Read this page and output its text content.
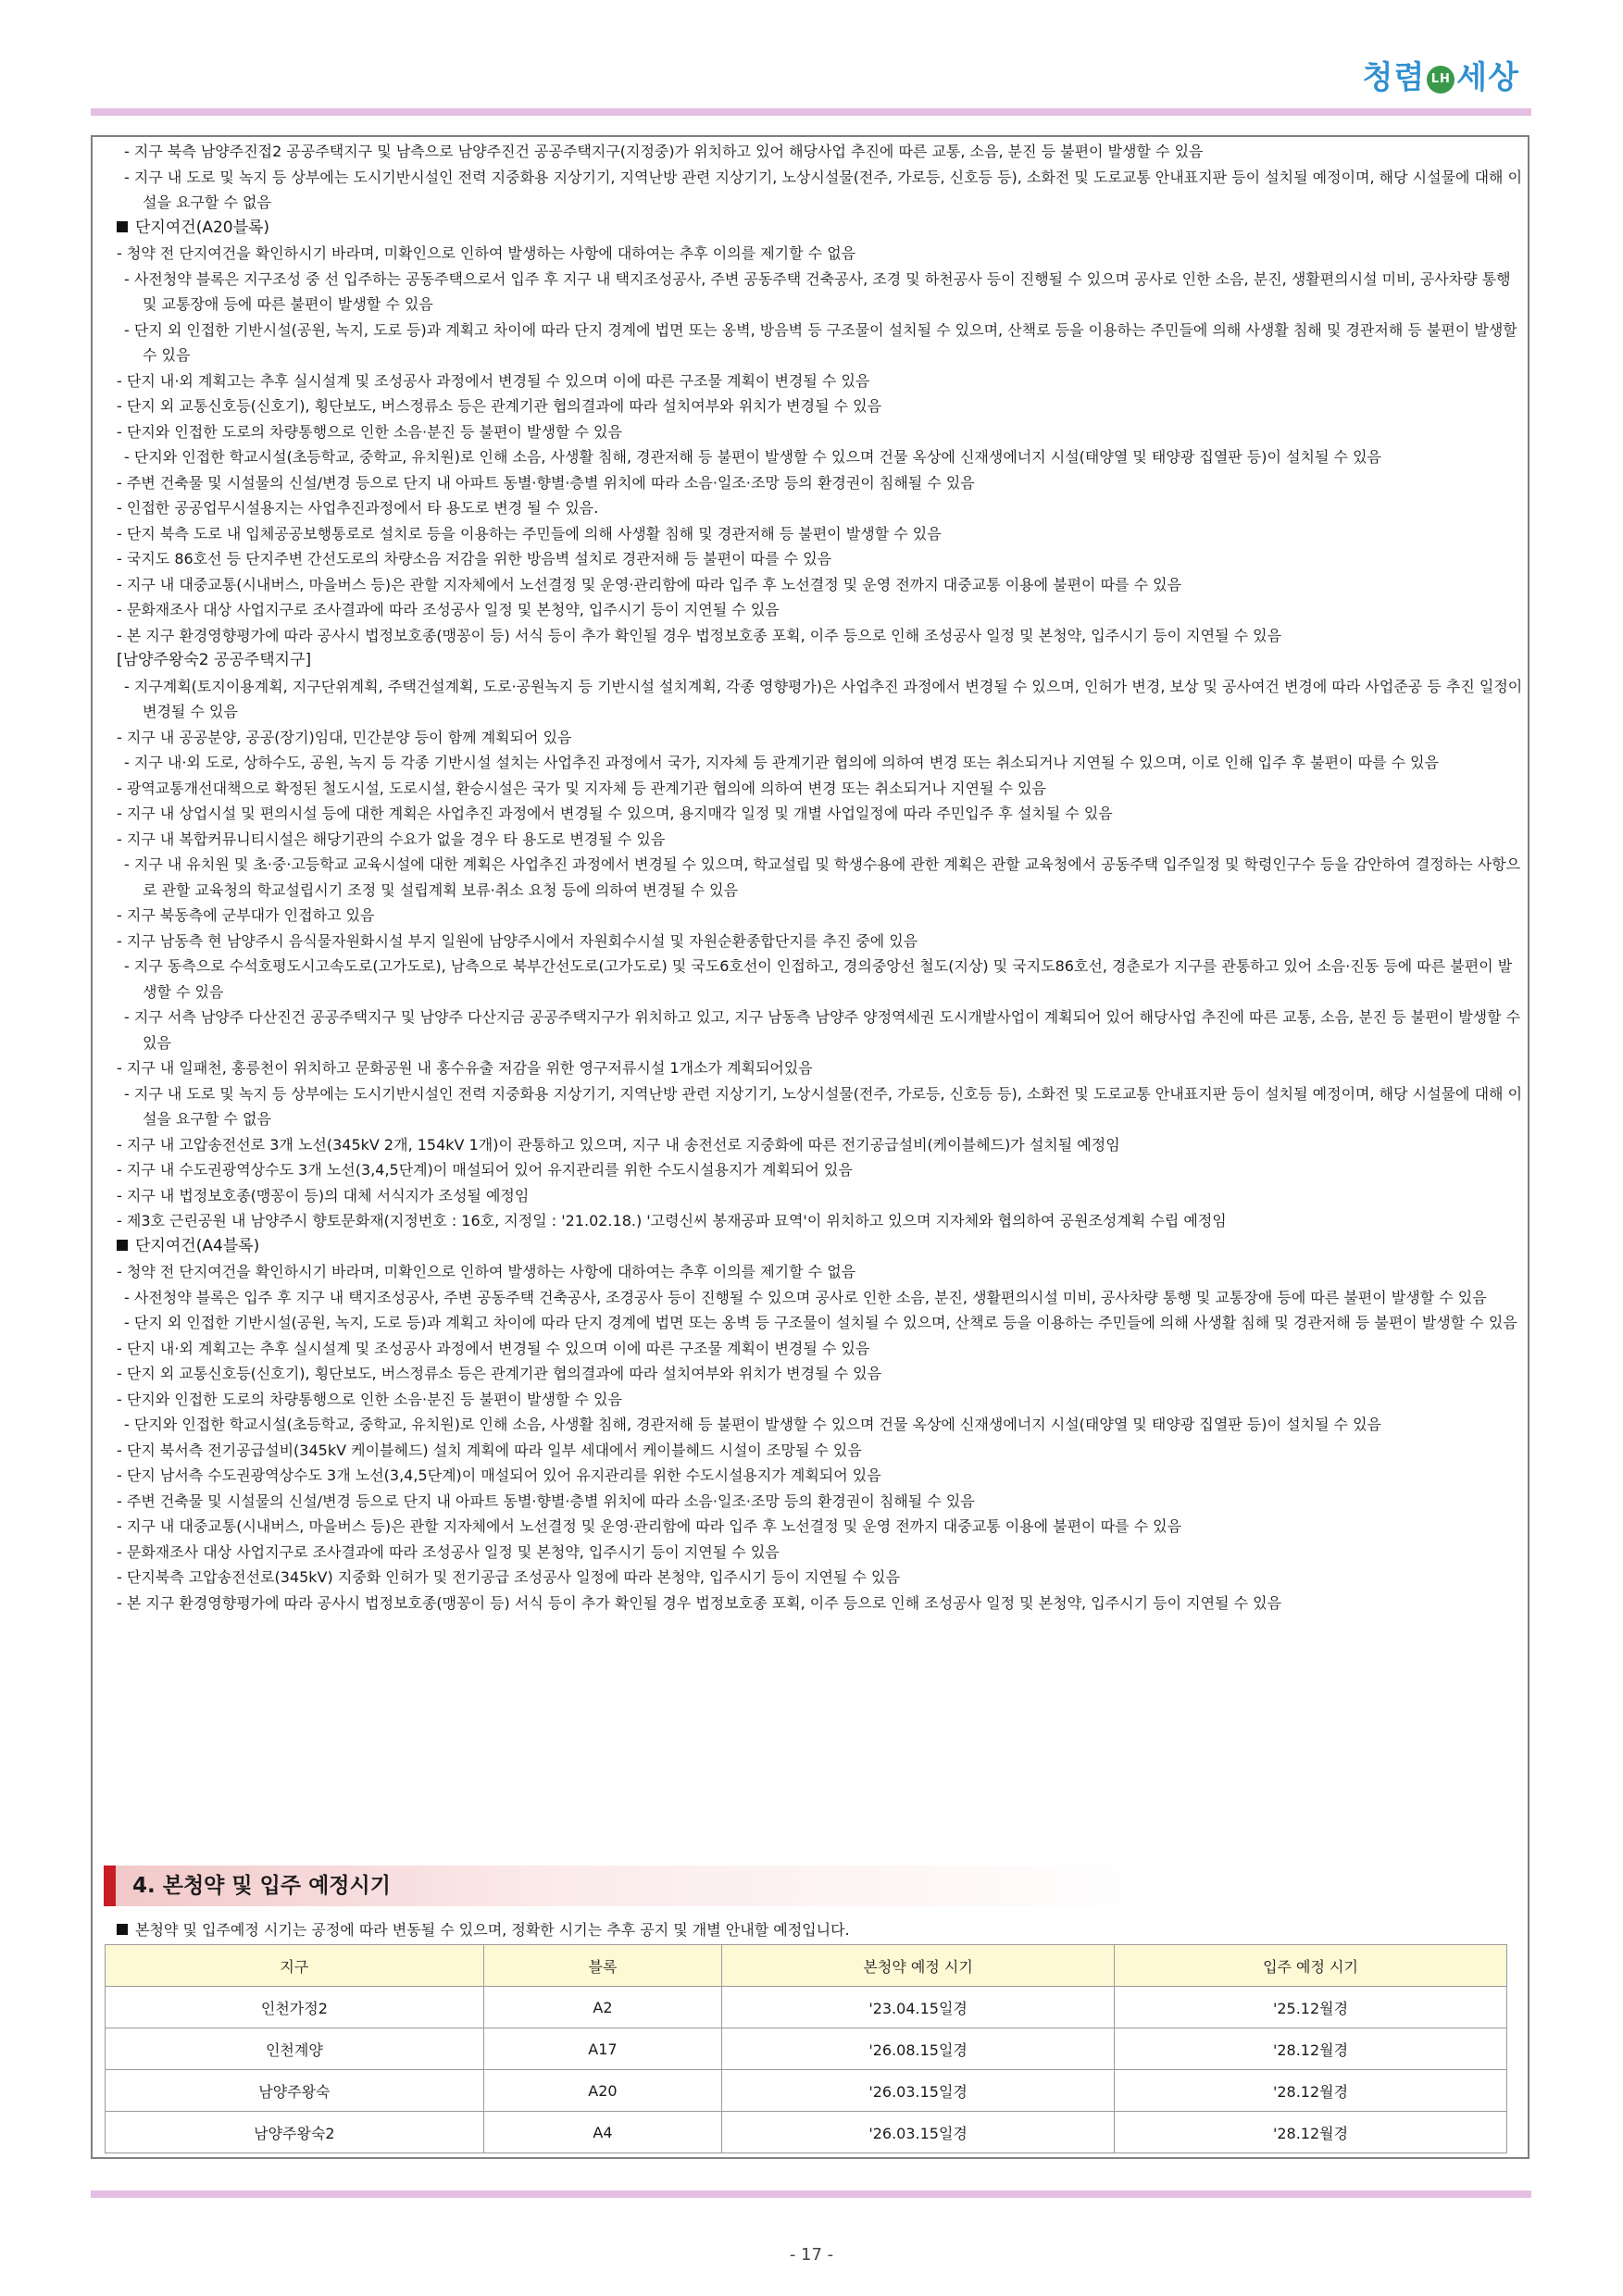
청렴 LH 세상

- 지구 북측 남양주진접2 공공주택지구 및 남측으로 남양주진건 공공주택지구(지정중)가 위치하고 있어 해당사업 추진에 따른 교통, 소음, 분진 등 불편이 발생할 수 있음

- 지구 내 도로 및 녹지 등 상부에는 도시기반시설인 전력 지중화용 지상기기, 지역난방 관련 지상기기, 노상시설물(전주, 가로등, 신호등 등), 소화전 및 도로교통 안내표지판 등이 설치될 예정이며, 해당 시설물에 대해 이설을 요구할 수 없음

단지여건(A20블록)

- 청약 전 단지여건을 확인하시기 바라며, 미확인으로 인하여 발생하는 사항에 대하여는 추후 이의를 제기할 수 없음

- 사전청약 블록은 지구조성 중 선 입주하는 공동주택으로서 입주 후 지구 내 택지조성공사, 주변 공동주택 건축공사, 조경 및 하천공사 등이 진행될 수 있으며 공사로 인한 소음, 분진, 생활편의시설 미비, 공사차량 통행 및 교통장애 등에 따른 불편이 발생할 수 있음

- 단지 외 인접한 기반시설(공원, 녹지, 도로 등)과 계획고 차이에 따라 단지 경계에 법면 또는 옹벽, 방음벽 등 구조물이 설치될 수 있으며, 산책로 등을 이용하는 주민들에 의해 사생활 침해 및 경관저해 등 불편이 발생할 수 있음

- 단지 내·외 계획고는 추후 실시설계 및 조성공사 과정에서 변경될 수 있으며 이에 따른 구조물 계획이 변경될 수 있음

- 단지 외 교통신호등(신호기), 횡단보도, 버스정류소 등은 관계기관 협의결과에 따라 설치여부와 위치가 변경될 수 있음

- 단지와 인접한 도로의 차량통행으로 인한 소음·분진 등 불편이 발생할 수 있음

- 단지와 인접한 학교시설(초등학교, 중학교, 유치원)로 인해 소음, 사생활 침해, 경관저해 등 불편이 발생할 수 있으며 건물 옥상에 신재생에너지 시설(태양열 및 태양광 집열판 등)이 설치될 수 있음

- 주변 건축물 및 시설물의 신설/변경 등으로 단지 내 아파트 동별·향별·층별 위치에 따라 소음·일조·조망 등의 환경권이 침해될 수 있음

- 인접한 공공업무시설용지는 사업추진과정에서 타 용도로 변경 될 수 있음.

- 단지 북측 도로 내 입체공공보행통로로 설치로 등을 이용하는 주민들에 의해 사생활 침해 및 경관저해 등 불편이 발생할 수 있음

- 국지도 86호선 등 단지주변 간선도로의 차량소음 저감을 위한 방음벽 설치로 경관저해 등 불편이 따를 수 있음

- 지구 내 대중교통(시내버스, 마을버스 등)은 관할 지자체에서 노선결정 및 운영·관리함에 따라 입주 후 노선결정 및 운영 전까지 대중교통 이용에 불편이 따를 수 있음

- 문화재조사 대상 사업지구로 조사결과에 따라 조성공사 일정 및 본청약, 입주시기 등이 지연될 수 있음

- 본 지구 환경영향평가에 따라 공사시 법정보호종(맹꽁이 등) 서식 등이 추가 확인될 경우 법정보호종 포획, 이주 등으로 인해 조성공사 일정 및 본청약, 입주시기 등이 지연될 수 있음

[남양주왕숙2 공공주택지구]

- 지구계획(토지이용계획, 지구단위계획, 주택건설계획, 도로·공원녹지 등 기반시설 설치계획, 각종 영향평가)은 사업추진 과정에서 변경될 수 있으며, 인허가 변경, 보상 및 공사여건 변경에 따라 사업준공 등 추진 일정이 변경될 수 있음

- 지구 내 공공분양, 공공(장기)임대, 민간분양 등이 함께 계획되어 있음

- 지구 내·외 도로, 상하수도, 공원, 녹지 등 각종 기반시설 설치는 사업추진 과정에서 국가, 지자체 등 관계기관 협의에 의하여 변경 또는 취소되거나 지연될 수 있으며, 이로 인해 입주 후 불편이 따를 수 있음

- 광역교통개선대책으로 확정된 철도시설, 도로시설, 환승시설은 국가 및 지자체 등 관계기관 협의에 의하여 변경 또는 취소되거나 지연될 수 있음

- 지구 내 상업시설 및 편의시설 등에 대한 계획은 사업추진 과정에서 변경될 수 있으며, 용지매각 일정 및 개별 사업일정에 따라 주민입주 후 설치될 수 있음

- 지구 내 복합커뮤니티시설은 해당기관의 수요가 없을 경우 타 용도로 변경될 수 있음

- 지구 내 유치원 및 초·중·고등학교 교육시설에 대한 계획은 사업추진 과정에서 변경될 수 있으며, 학교설립 및 학생수용에 관한 계획은 관할 교육청에서 공동주택 입주일정 및 학령인구수 등을 감안하여 결정하는 사항으로 관할 교육청의 학교설립시기 조정 및 설립계획 보류·취소 요청 등에 의하여 변경될 수 있음

- 지구 북동측에 군부대가 인접하고 있음

- 지구 남동측 현 남양주시 음식물자원화시설 부지 일원에 남양주시에서 자원회수시설 및 자원순환종합단지를 추진 중에 있음

- 지구 동측으로 수석호평도시고속도로(고가도로), 남측으로 북부간선도로(고가도로) 및 국도6호선이 인접하고, 경의중앙선 철도(지상) 및 국지도86호선, 경춘로가 지구를 관통하고 있어 소음·진동 등에 따른 불편이 발생할 수 있음

- 지구 서측 남양주 다산진건 공공주택지구 및 남양주 다산지금 공공주택지구가 위치하고 있고, 지구 남동측 남양주 양정역세권 도시개발사업이 계획되어 있어 해당사업 추진에 따른 교통, 소음, 분진 등 불편이 발생할 수 있음

- 지구 내 일패천, 홍릉천이 위치하고 문화공원 내 홍수유출 저감을 위한 영구저류시설 1개소가 계획되어있음

- 지구 내 도로 및 녹지 등 상부에는 도시기반시설인 전력 지중화용 지상기기, 지역난방 관련 지상기기, 노상시설물(전주, 가로등, 신호등 등), 소화전 및 도로교통 안내표지판 등이 설치될 예정이며, 해당 시설물에 대해 이설을 요구할 수 없음

- 지구 내 고압송전선로 3개 노선(345kV 2개, 154kV 1개)이 관통하고 있으며, 지구 내 송전선로 지중화에 따른 전기공급설비(케이블헤드)가 설치될 예정임

- 지구 내 수도권광역상수도 3개 노선(3,4,5단계)이 매설되어 있어 유지관리를 위한 수도시설용지가 계획되어 있음

- 지구 내 법정보호종(맹꽁이 등)의 대체 서식지가 조성될 예정임

- 제3호 근린공원 내 남양주시 향토문화재(지정번호 : 16호, 지정일 : '21.02.18.) '고령신씨 봉재공파 묘역'이 위치하고 있으며 지자체와 협의하여 공원조성계획 수립 예정임

단지여건(A4블록)

- 청약 전 단지여건을 확인하시기 바라며, 미확인으로 인하여 발생하는 사항에 대하여는 추후 이의를 제기할 수 없음

- 사전청약 블록은 입주 후 지구 내 택지조성공사, 주변 공동주택 건축공사, 조경공사 등이 진행될 수 있으며 공사로 인한 소음, 분진, 생활편의시설 미비, 공사차량 통행 및 교통장애 등에 따른 불편이 발생할 수 있음

- 단지 외 인접한 기반시설(공원, 녹지, 도로 등)과 계획고 차이에 따라 단지 경계에 법면 또는 옹벽 등 구조물이 설치될 수 있으며, 산책로 등을 이용하는 주민들에 의해 사생활 침해 및 경관저해 등 불편이 발생할 수 있음

- 단지 내·외 계획고는 추후 실시설계 및 조성공사 과정에서 변경될 수 있으며 이에 따른 구조물 계획이 변경될 수 있음

- 단지 외 교통신호등(신호기), 횡단보도, 버스정류소 등은 관계기관 협의결과에 따라 설치여부와 위치가 변경될 수 있음

- 단지와 인접한 도로의 차량통행으로 인한 소음·분진 등 불편이 발생할 수 있음

- 단지와 인접한 학교시설(초등학교, 중학교, 유치원)로 인해 소음, 사생활 침해, 경관저해 등 불편이 발생할 수 있으며 건물 옥상에 신재생에너지 시설(태양열 및 태양광 집열판 등)이 설치될 수 있음

- 단지 북서측 전기공급설비(345kV 케이블헤드) 설치 계획에 따라 일부 세대에서 케이블헤드 시설이 조망될 수 있음

- 단지 남서측 수도권광역상수도 3개 노선(3,4,5단계)이 매설되어 있어 유지관리를 위한 수도시설용지가 계획되어 있음

- 주변 건축물 및 시설물의 신설/변경 등으로 단지 내 아파트 동별·향별·층별 위치에 따라 소음·일조·조망 등의 환경권이 침해될 수 있음

- 지구 내 대중교통(시내버스, 마을버스 등)은 관할 지자체에서 노선결정 및 운영·관리함에 따라 입주 후 노선결정 및 운영 전까지 대중교통 이용에 불편이 따를 수 있음

- 문화재조사 대상 사업지구로 조사결과에 따라 조성공사 일정 및 본청약, 입주시기 등이 지연될 수 있음

- 단지북측 고압송전선로(345kV) 지중화 인허가 및 전기공급 조성공사 일정에 따라 본청약, 입주시기 등이 지연될 수 있음

- 본 지구 환경영향평가에 따라 공사시 법정보호종(맹꽁이 등) 서식 등이 추가 확인될 경우 법정보호종 포획, 이주 등으로 인해 조성공사 일정 및 본청약, 입주시기 등이 지연될 수 있음

4. 본청약 및 입주 예정시기
본청약 및 입주예정 시기는 공정에 따라 변동될 수 있으며, 정확한 시기는 추후 공지 및 개별 안내할 예정입니다.
지구	블록	본청약 예정 시기	입주 예정 시기
인천가정2	A2	'23.04.15일경	'25.12월경
인천계양	A17	'26.08.15일경	'28.12월경
남양주왕숙	A20	'26.03.15일경	'28.12월경
남양주왕숙2	A4	'26.03.15일경	'28.12월경
- 17 -
